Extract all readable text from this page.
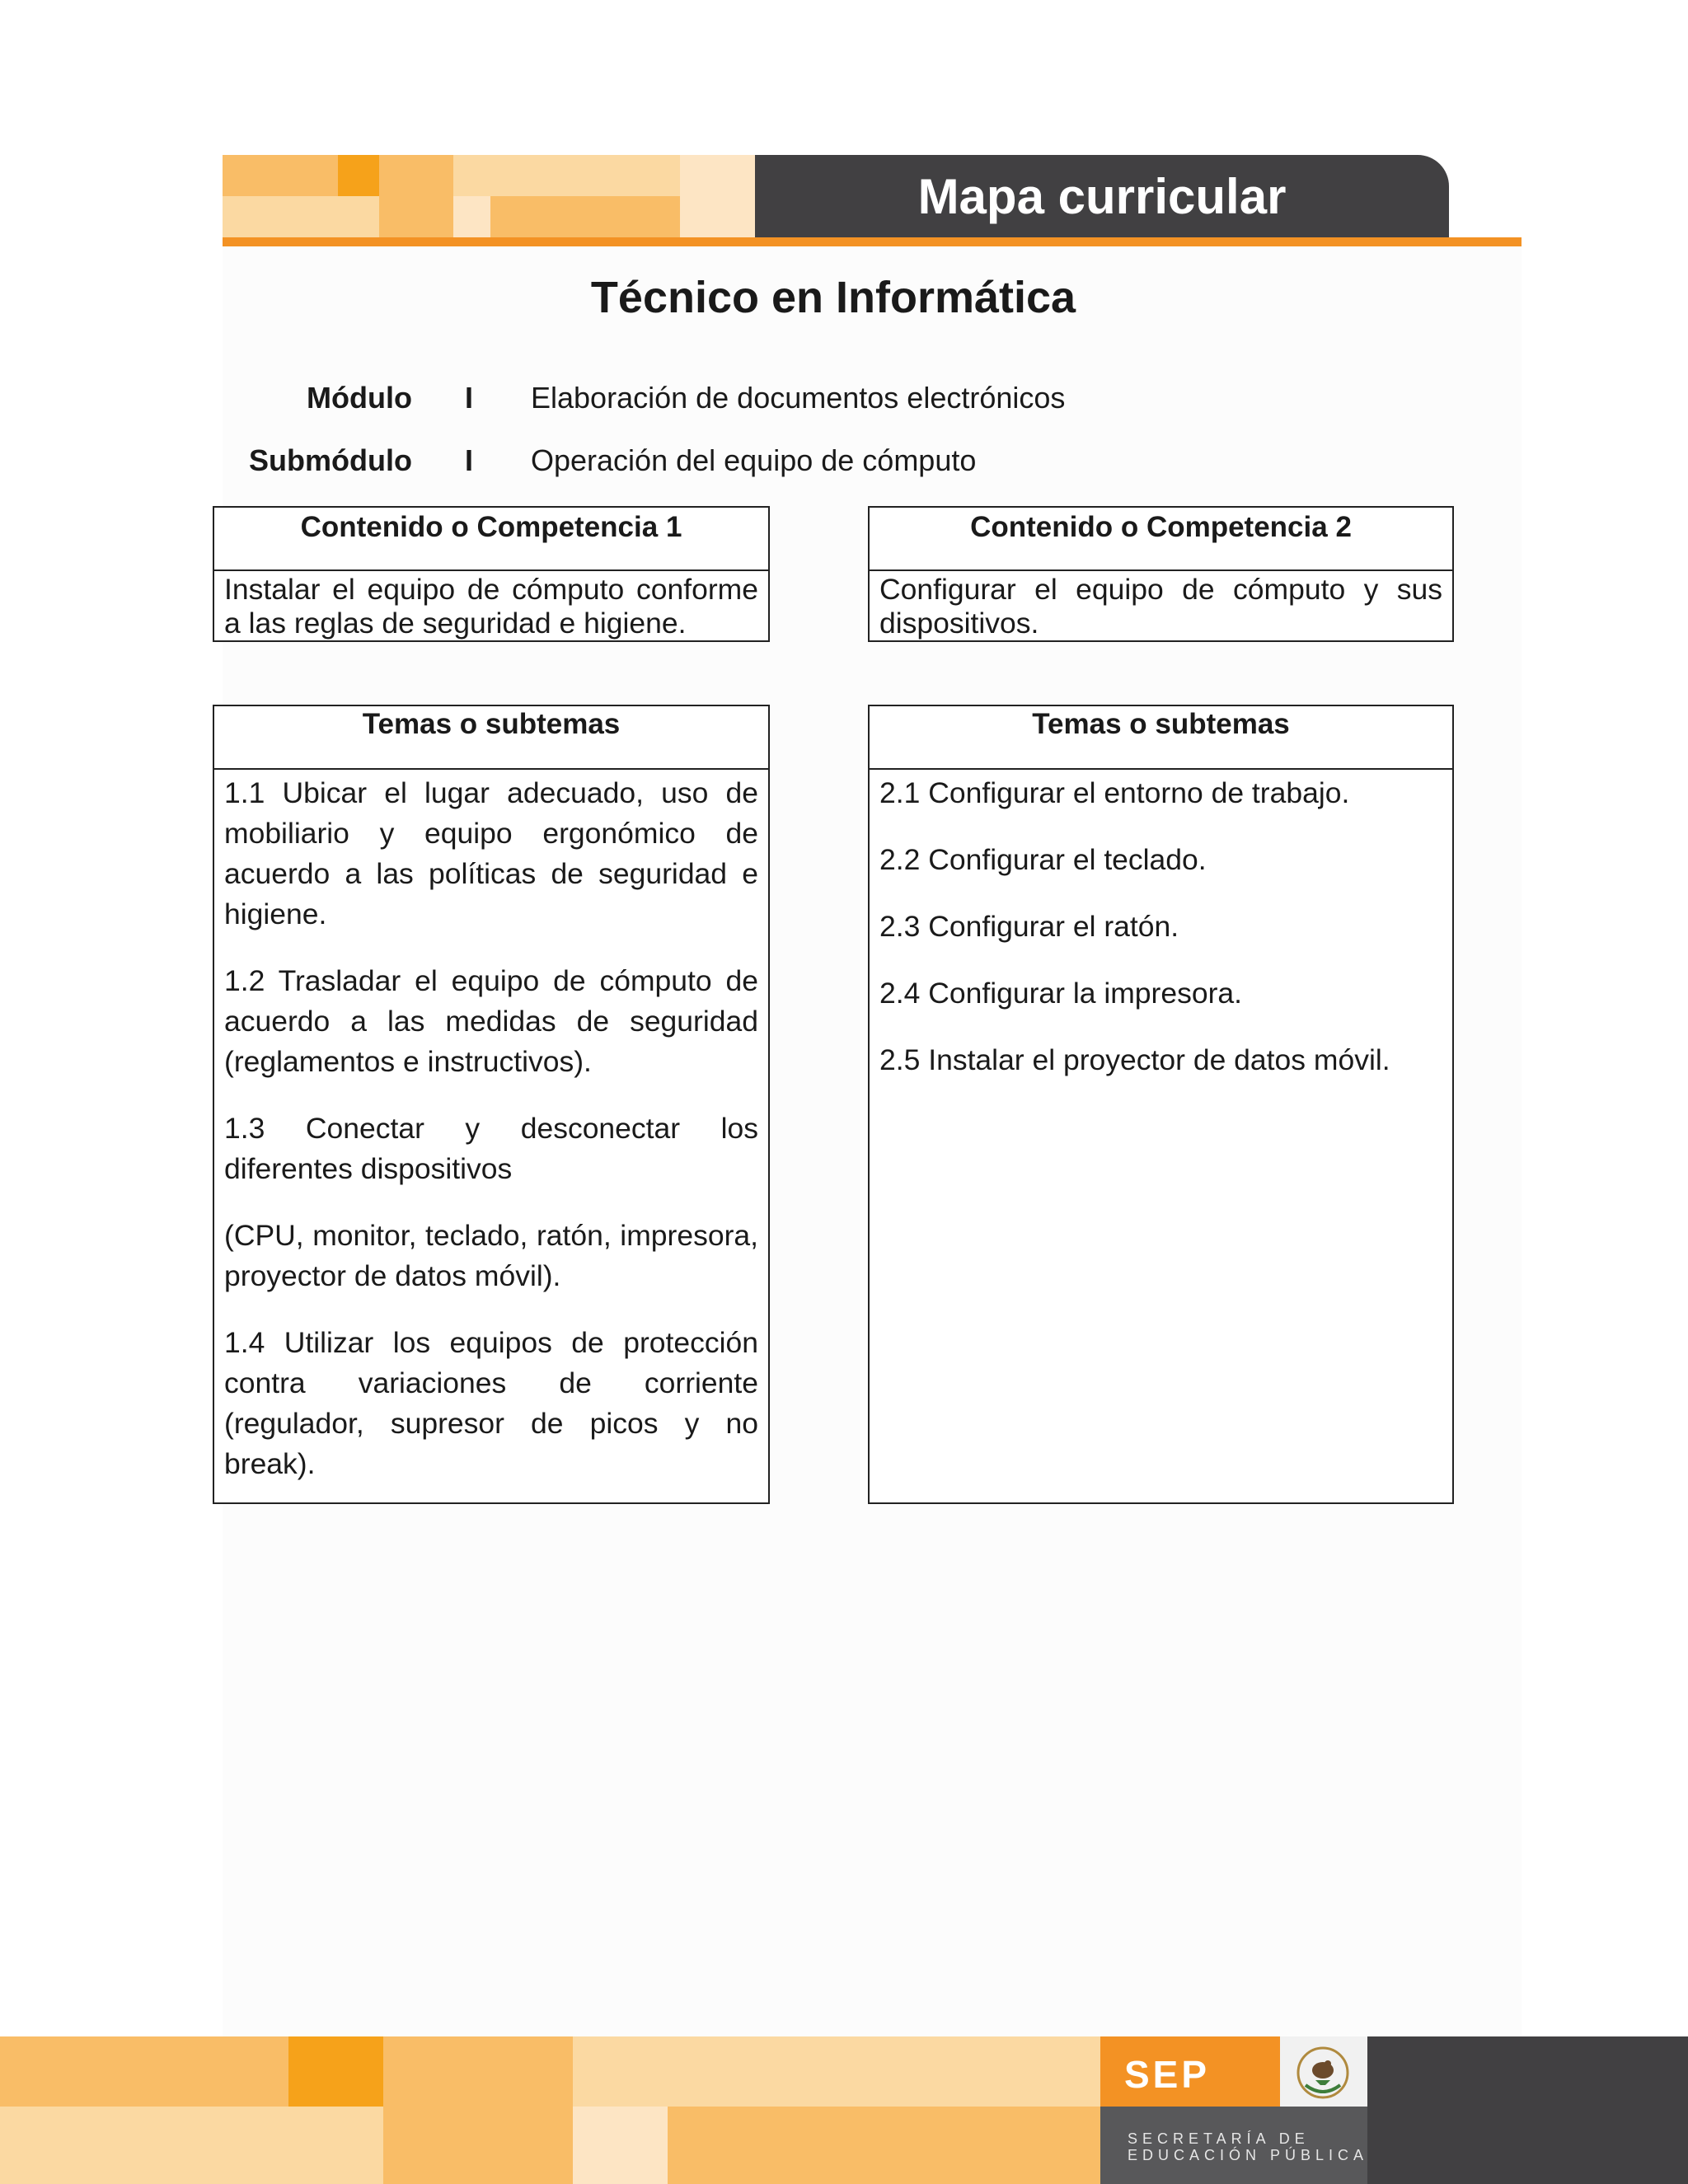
Mapa curricular
Técnico en Informática
Módulo I Elaboración de documentos electrónicos
Submódulo I Operación del equipo de cómputo
Contenido o Competencia 1
Instalar el equipo de cómputo conforme a las reglas de seguridad e higiene.
Contenido o Competencia 2
Configurar el equipo de cómputo y sus dispositivos.
Temas o subtemas

1.1 Ubicar el lugar adecuado, uso de mobiliario y equipo ergonómico de acuerdo a las políticas de seguridad e higiene.

1.2 Trasladar el equipo de cómputo de acuerdo a las medidas de seguridad (reglamentos e instructivos).

1.3 Conectar y desconectar los diferentes dispositivos

(CPU, monitor, teclado, ratón, impresora, proyector de datos móvil).

1.4 Utilizar los equipos de protección contra variaciones de corriente (regulador, supresor de picos y no break).

Temas o subtemas

2.1 Configurar el entorno de trabajo.

2.2 Configurar el teclado.

2.3 Configurar el ratón.

2.4 Configurar la impresora.

2.5 Instalar el proyector de datos móvil.

SEP
SECRETARÍA DE
EDUCACIÓN PÚBLICA
